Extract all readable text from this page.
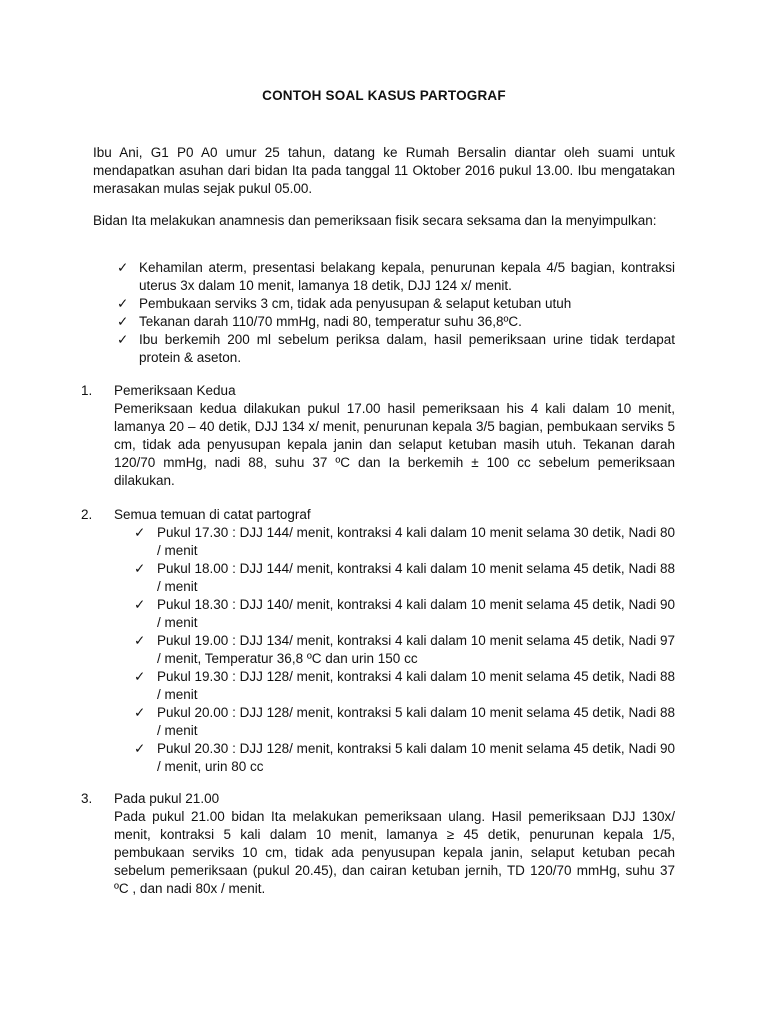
CONTOH SOAL KASUS PARTOGRAF
Ibu Ani, G1 P0 A0 umur 25 tahun, datang ke Rumah Bersalin diantar oleh suami untuk mendapatkan asuhan dari bidan Ita pada tanggal 11 Oktober 2016 pukul 13.00. Ibu mengatakan merasakan mulas sejak pukul 05.00.
Bidan Ita melakukan anamnesis dan pemeriksaan fisik secara seksama dan Ia menyimpulkan:
✓ Kehamilan aterm, presentasi belakang kepala, penurunan kepala 4/5 bagian, kontraksi uterus 3x dalam 10 menit, lamanya 18 detik, DJJ 124 x/ menit.
✓ Pembukaan serviks 3 cm, tidak ada penyusupan & selaput ketuban utuh
✓ Tekanan darah 110/70 mmHg, nadi 80, temperatur suhu 36,8ºC.
✓ Ibu berkemih 200 ml sebelum periksa dalam, hasil pemeriksaan urine tidak terdapat protein & aseton.
1. Pemeriksaan Kedua
Pemeriksaan kedua dilakukan pukul 17.00 hasil pemeriksaan his 4 kali dalam 10 menit, lamanya 20 – 40 detik, DJJ 134 x/ menit, penurunan kepala 3/5 bagian, pembukaan serviks 5 cm, tidak ada penyusupan kepala janin dan selaput ketuban masih utuh. Tekanan darah 120/70 mmHg, nadi 88, suhu 37 ºC dan Ia berkemih ± 100 cc sebelum pemeriksaan dilakukan.
2. Semua temuan di catat partograf
✓ Pukul 17.30 : DJJ 144/ menit, kontraksi 4 kali dalam 10 menit selama 30 detik, Nadi 80 / menit
✓ Pukul 18.00 : DJJ 144/ menit, kontraksi 4 kali dalam 10 menit selama 45 detik, Nadi 88 / menit
✓ Pukul 18.30 : DJJ 140/ menit, kontraksi 4 kali dalam 10 menit selama 45 detik, Nadi 90 / menit
✓ Pukul 19.00 : DJJ 134/ menit, kontraksi 4 kali dalam 10 menit selama 45 detik, Nadi 97 / menit, Temperatur 36,8 ºC dan urin 150 cc
✓ Pukul 19.30 : DJJ 128/ menit, kontraksi 4 kali dalam 10 menit selama 45 detik, Nadi 88 / menit
✓ Pukul 20.00 : DJJ 128/ menit, kontraksi 5 kali dalam 10 menit selama 45 detik, Nadi 88 / menit
✓ Pukul 20.30 : DJJ 128/ menit, kontraksi 5 kali dalam 10 menit selama 45 detik, Nadi 90 / menit, urin 80 cc
3. Pada pukul 21.00
Pada pukul 21.00 bidan Ita melakukan pemeriksaan ulang. Hasil pemeriksaan DJJ 130x/ menit, kontraksi 5 kali dalam 10 menit, lamanya ≥ 45 detik, penurunan kepala 1/5, pembukaan serviks 10 cm, tidak ada penyusupan kepala janin, selaput ketuban pecah sebelum pemeriksaan (pukul 20.45), dan cairan ketuban jernih, TD 120/70 mmHg, suhu 37 ºC , dan nadi 80x / menit.
